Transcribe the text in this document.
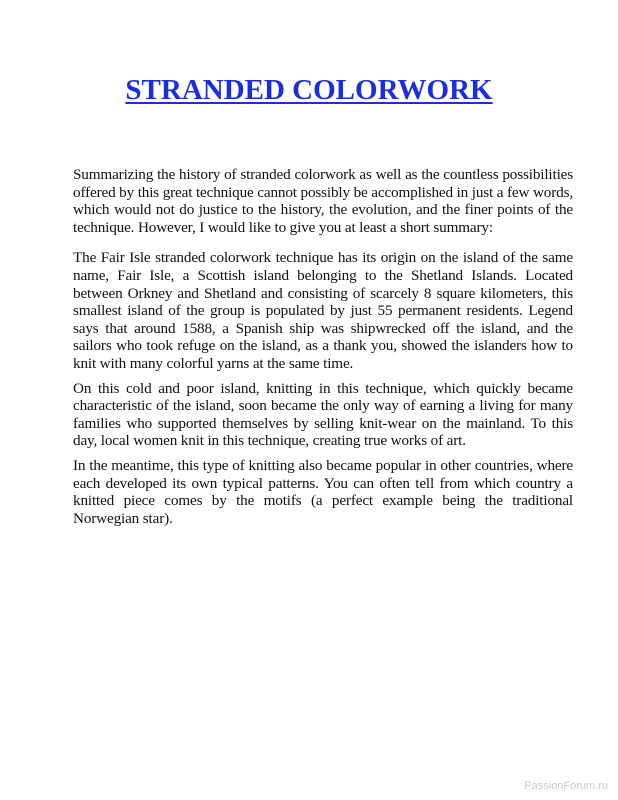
STRANDED COLORWORK

Summarizing the history of stranded colorwork as well as the countless possibilities offered by this great technique cannot possibly be accomplished in just a few words, which would not do justice to the history, the evolution, and the finer points of the technique. However, I would like to give you at least a short summary:

The Fair Isle stranded colorwork technique has its origin on the island of the same name, Fair Isle, a Scottish island belonging to the Shetland Islands. Located between Orkney and Shetland and consisting of scarcely 8 square kilometers, this smallest island of the group is populated by just 55 permanent residents. Legend says that around 1588, a Spanish ship was shipwrecked off the island, and the sailors who took refuge on the island, as a thank you, showed the islanders how to knit with many colorful yarns at the same time.

On this cold and poor island, knitting in this technique, which quickly became characteristic of the island, soon became the only way of earning a living for many families who supported themselves by selling knit-wear on the mainland. To this day, local women knit in this technique, creating true works of art.

In the meantime, this type of knitting also became popular in other countries, where each developed its own typical patterns. You can often tell from which country a knitted piece comes by the motifs (a perfect example being the traditional Norwegian star).

PassionForum.ru
